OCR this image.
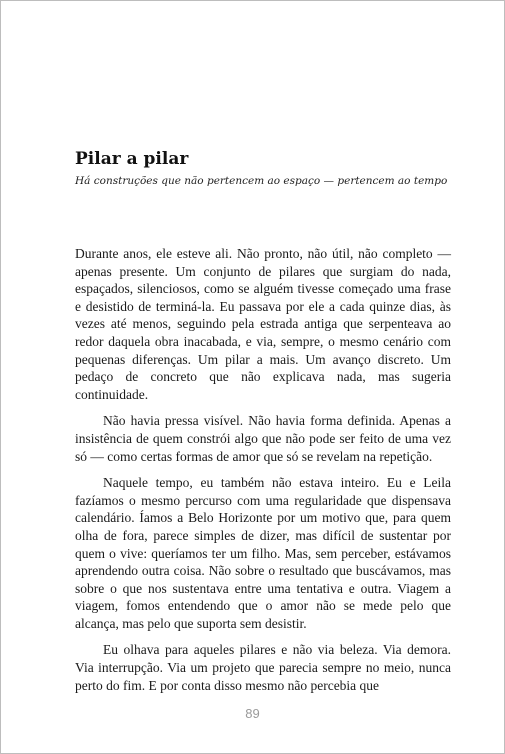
Pilar a pilar
Há construções que não pertencem ao espaço — pertencem ao tempo

Durante anos, ele esteve ali. Não pronto, não útil, não completo — apenas presente. Um conjunto de pilares que surgiam do nada, espaçados, silenciosos, como se alguém tivesse começado uma frase e desistido de terminá-la. Eu passava por ele a cada quinze dias, às vezes até menos, seguindo pela estrada antiga que serpenteava ao redor daquela obra inacabada, e via, sempre, o mesmo cenário com pequenas diferenças. Um pilar a mais. Um avanço discreto. Um pedaço de concreto que não explicava nada, mas sugeria continuidade.

Não havia pressa visível. Não havia forma definida. Apenas a insistência de quem constrói algo que não pode ser feito de uma vez só — como certas formas de amor que só se revelam na repetição.

Naquele tempo, eu também não estava inteiro. Eu e Leila fazíamos o mesmo percurso com uma regularidade que dispensava calendário. Íamos a Belo Horizonte por um motivo que, para quem olha de fora, parece simples de dizer, mas difícil de sustentar por quem o vive: queríamos ter um filho. Mas, sem perceber, estávamos aprendendo outra coisa. Não sobre o resultado que buscávamos, mas sobre o que nos sustentava entre uma tentativa e outra. Viagem a viagem, fomos entendendo que o amor não se mede pelo que alcança, mas pelo que suporta sem desistir.

Eu olhava para aqueles pilares e não via beleza. Via demora. Via interrupção. Via um projeto que parecia sempre no meio, nunca perto do fim. E por conta disso mesmo não percebia que

89
